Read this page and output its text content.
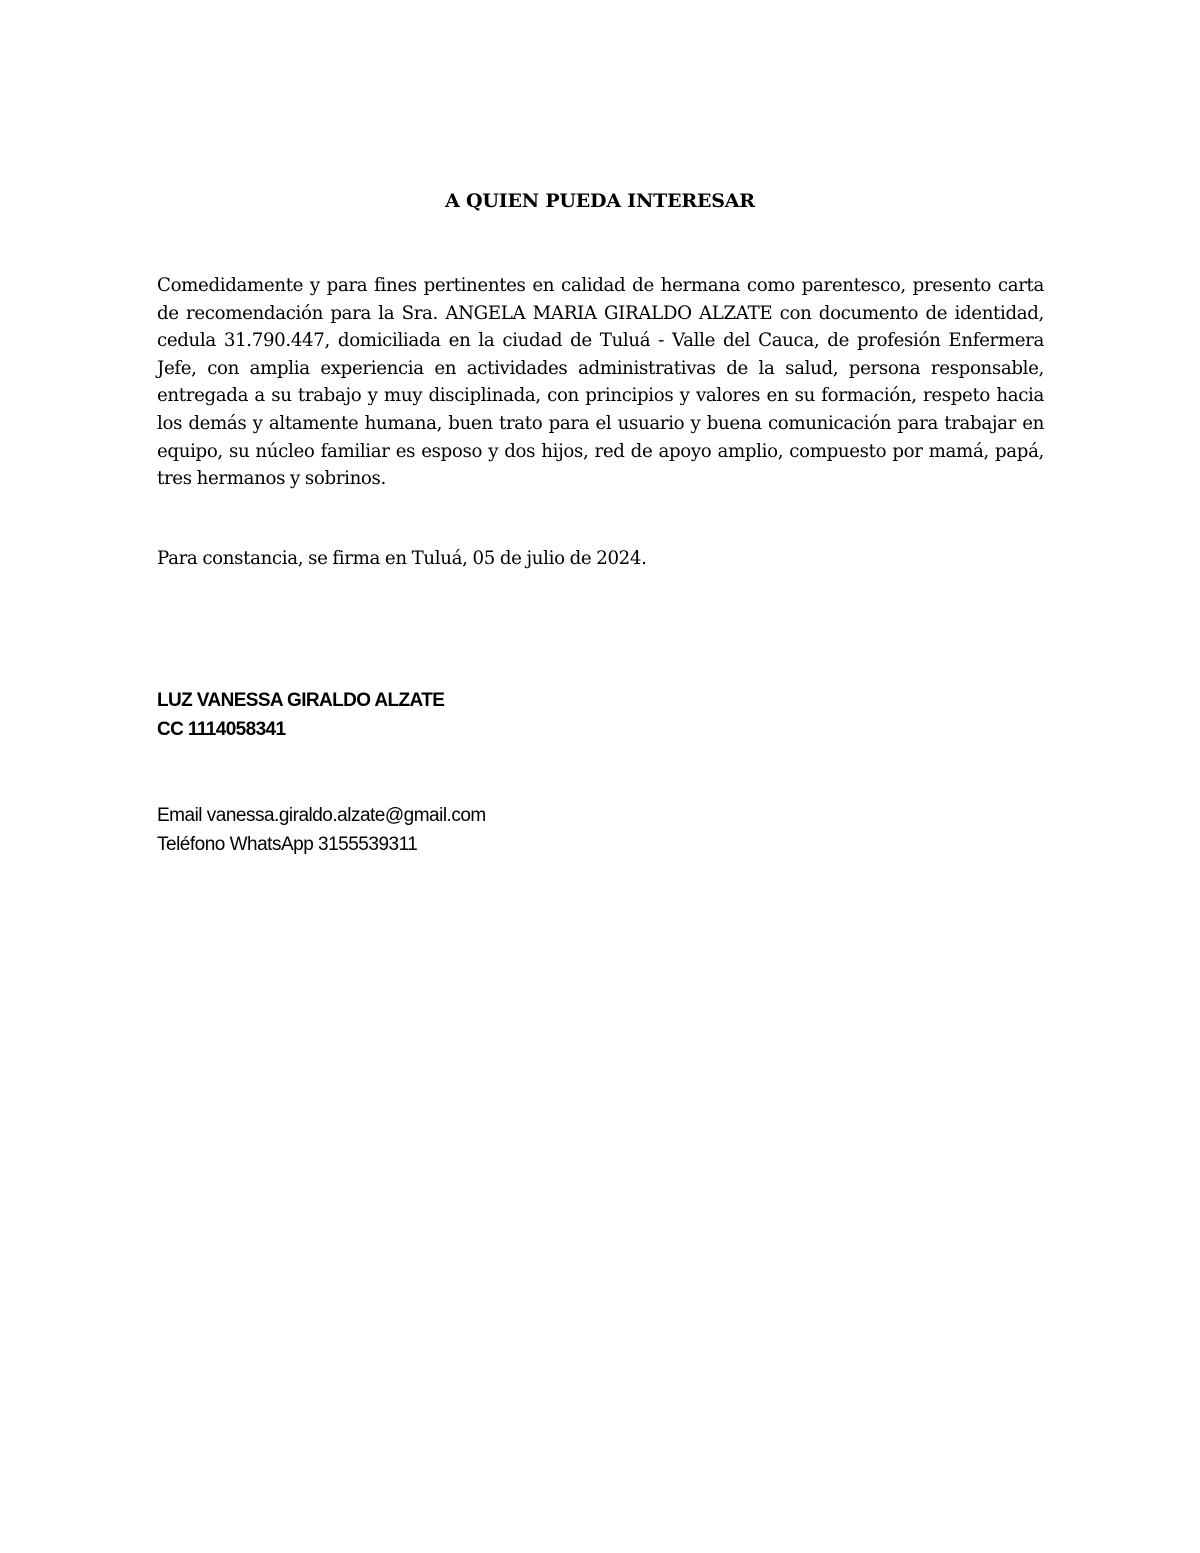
A QUIEN PUEDA INTERESAR
Comedidamente y para fines pertinentes en calidad de hermana como parentesco, presento carta de recomendación para la Sra. ANGELA MARIA GIRALDO ALZATE con documento de identidad, cedula 31.790.447, domiciliada en la ciudad de Tuluá - Valle del Cauca, de profesión Enfermera Jefe, con amplia experiencia en actividades administrativas de la salud, persona responsable, entregada a su trabajo y muy disciplinada, con principios y valores en su formación, respeto hacia los demás y altamente humana, buen trato para el usuario y buena comunicación para trabajar en equipo, su núcleo familiar es esposo y dos hijos, red de apoyo amplio, compuesto por mamá, papá, tres hermanos y sobrinos.
Para constancia, se firma en Tuluá, 05 de julio de 2024.
LUZ VANESSA GIRALDO ALZATE
CC 1114058341
Email vanessa.giraldo.alzate@gmail.com
Teléfono WhatsApp 3155539311
